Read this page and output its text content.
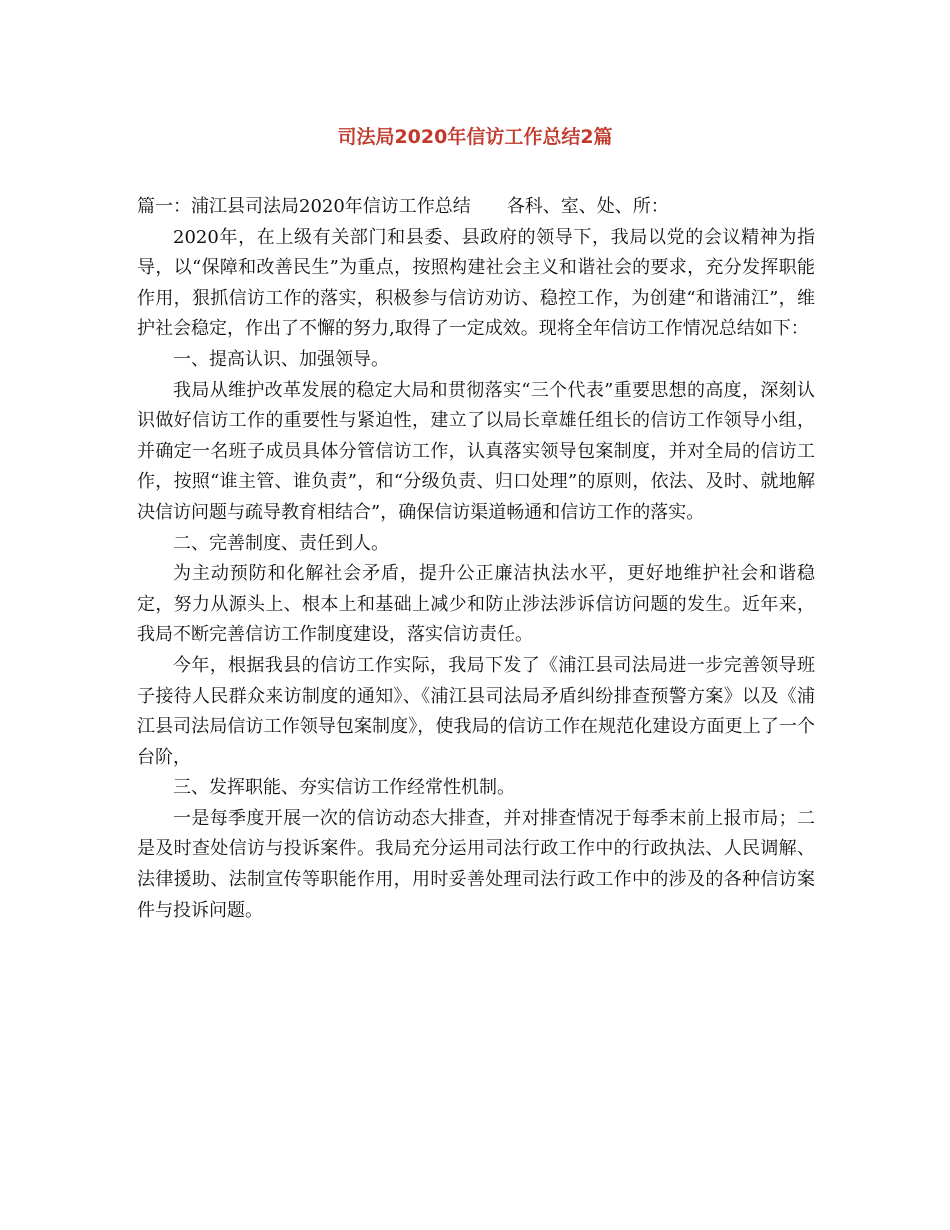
司法局2020年信访工作总结2篇

篇一：浦江县司法局2020年信访工作总结 各科、室、处、所：

2020年，在上级有关部门和县委、县政府的领导下，我局以党的会议精神为指导，以“保障和改善民生”为重点，按照构建社会主义和谐社会的要求，充分发挥职能作用，狠抓信访工作的落实，积极参与信访劝访、稳控工作，为创建“和谐浦江”，维护社会稳定，作出了不懈的努力,取得了一定成效。现将全年信访工作情况总结如下：

一、提高认识、加强领导。

我局从维护改革发展的稳定大局和贯彻落实“三个代表”重要思想的高度，深刻认识做好信访工作的重要性与紧迫性，建立了以局长章雄任组长的信访工作领导小组，并确定一名班子成员具体分管信访工作，认真落实领导包案制度，并对全局的信访工作，按照“谁主管、谁负责”，和“分级负责、归口处理”的原则，依法、及时、就地解决信访问题与疏导教育相结合”，确保信访渠道畅通和信访工作的落实。

二、完善制度、责任到人。

为主动预防和化解社会矛盾，提升公正廉洁执法水平，更好地维护社会和谐稳定，努力从源头上、根本上和基础上减少和防止涉法涉诉信访问题的发生。近年来，我局不断完善信访工作制度建设，落实信访责任。

今年，根据我县的信访工作实际，我局下发了《浦江县司法局进一步完善领导班子接待人民群众来访制度的通知》、《浦江县司法局矛盾纠纷排查预警方案》以及《浦江县司法局信访工作领导包案制度》，使我局的信访工作在规范化建设方面更上了一个台阶，

三、发挥职能、夯实信访工作经常性机制。

一是每季度开展一次的信访动态大排查，并对排查情况于每季末前上报市局；二是及时查处信访与投诉案件。我局充分运用司法行政工作中的行政执法、人民调解、法律援助、法制宣传等职能作用，用时妥善处理司法行政工作中的涉及的各种信访案件与投诉问题。
